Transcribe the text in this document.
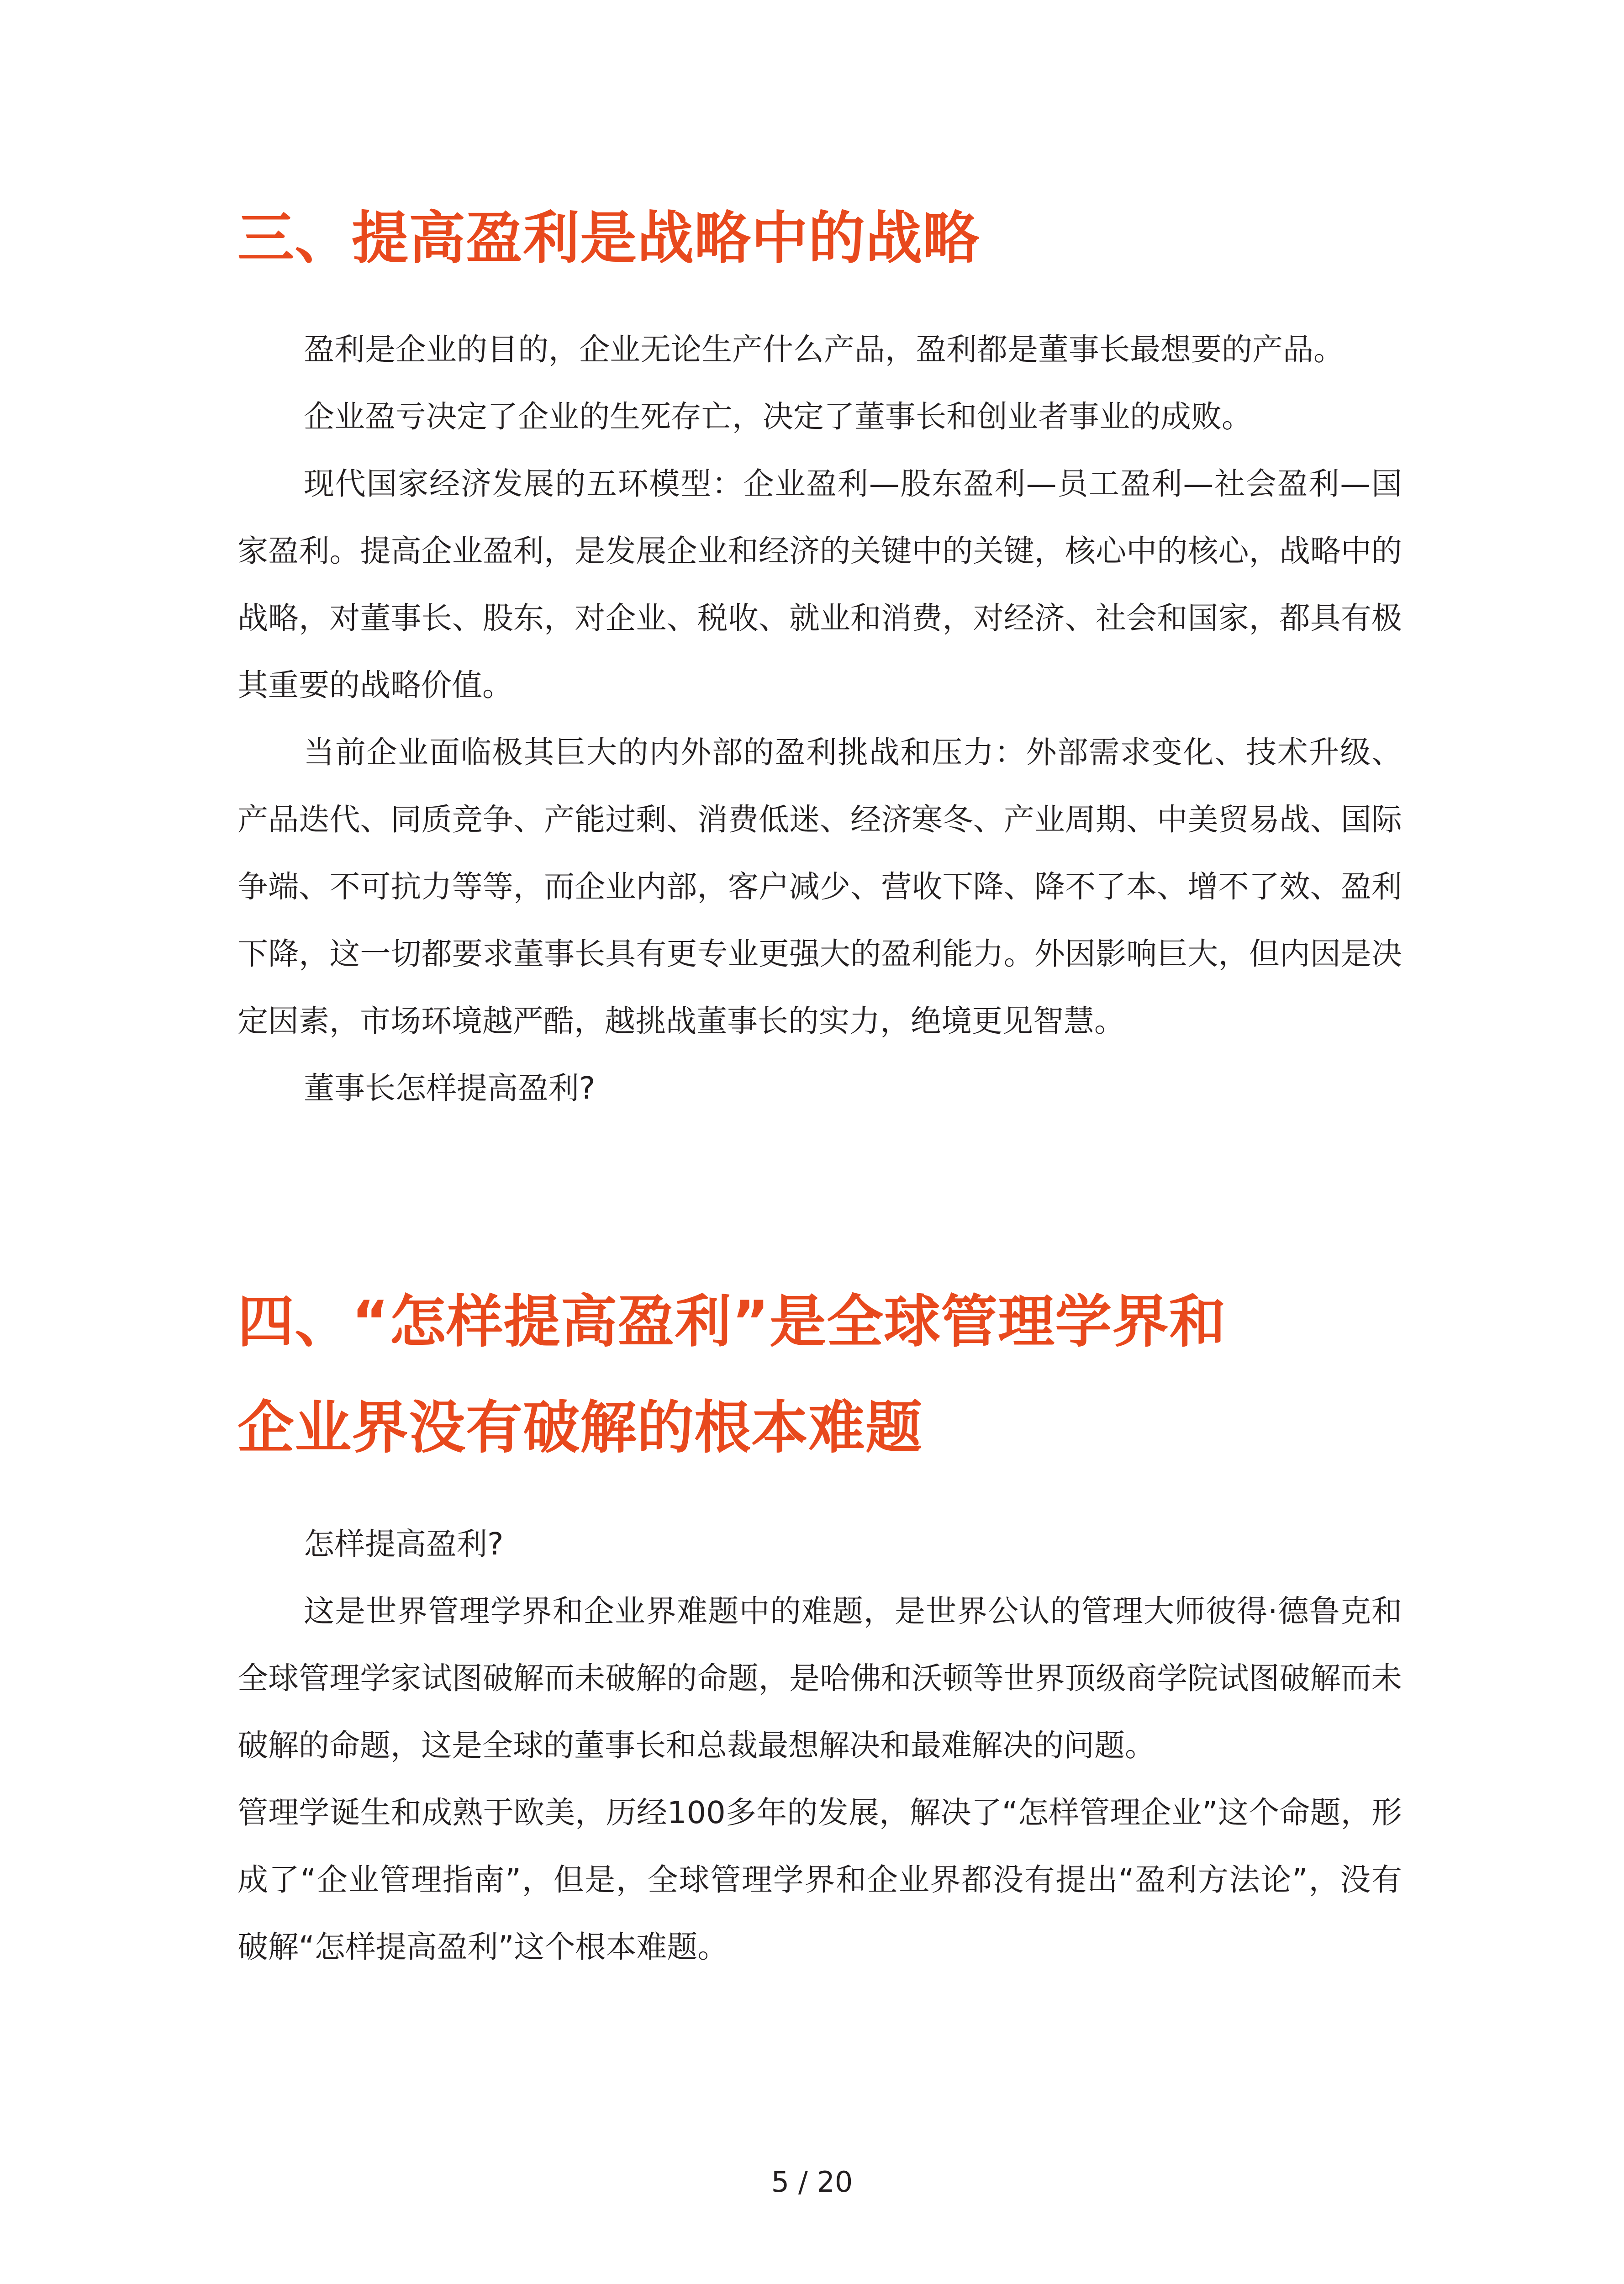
三、提高盈利是战略中的战略

盈利是企业的目的，企业无论生产什么产品，盈利都是董事长最想要的产品。

企业盈亏决定了企业的生死存亡，决定了董事长和创业者事业的成败。

现代国家经济发展的五环模型：企业盈利—股东盈利—员工盈利—社会盈利—国家盈利。提高企业盈利，是发展企业和经济的关键中的关键，核心中的核心，战略中的战略，对董事长、股东，对企业、税收、就业和消费，对经济、社会和国家，都具有极其重要的战略价值。

当前企业面临极其巨大的内外部的盈利挑战和压力：外部需求变化、技术升级、产品迭代、同质竞争、产能过剩、消费低迷、经济寒冬、产业周期、中美贸易战、国际争端、不可抗力等等，而企业内部，客户减少、营收下降、降不了本、增不了效、盈利下降，这一切都要求董事长具有更专业更强大的盈利能力。外因影响巨大，但内因是决定因素，市场环境越严酷，越挑战董事长的实力，绝境更见智慧。

董事长怎样提高盈利?

四、“怎样提高盈利”是全球管理学界和
企业界没有破解的根本难题

怎样提高盈利?

这是世界管理学界和企业界难题中的难题，是世界公认的管理大师彼得·德鲁克和全球管理学家试图破解而未破解的命题，是哈佛和沃顿等世界顶级商学院试图破解而未破解的命题，这是全球的董事长和总裁最想解决和最难解决的问题。

管理学诞生和成熟于欧美，历经100多年的发展，解决了“怎样管理企业”这个命题，形成了“企业管理指南”，但是，全球管理学界和企业界都没有提出“盈利方法论”，没有破解“怎样提高盈利”这个根本难题。

5 / 20
